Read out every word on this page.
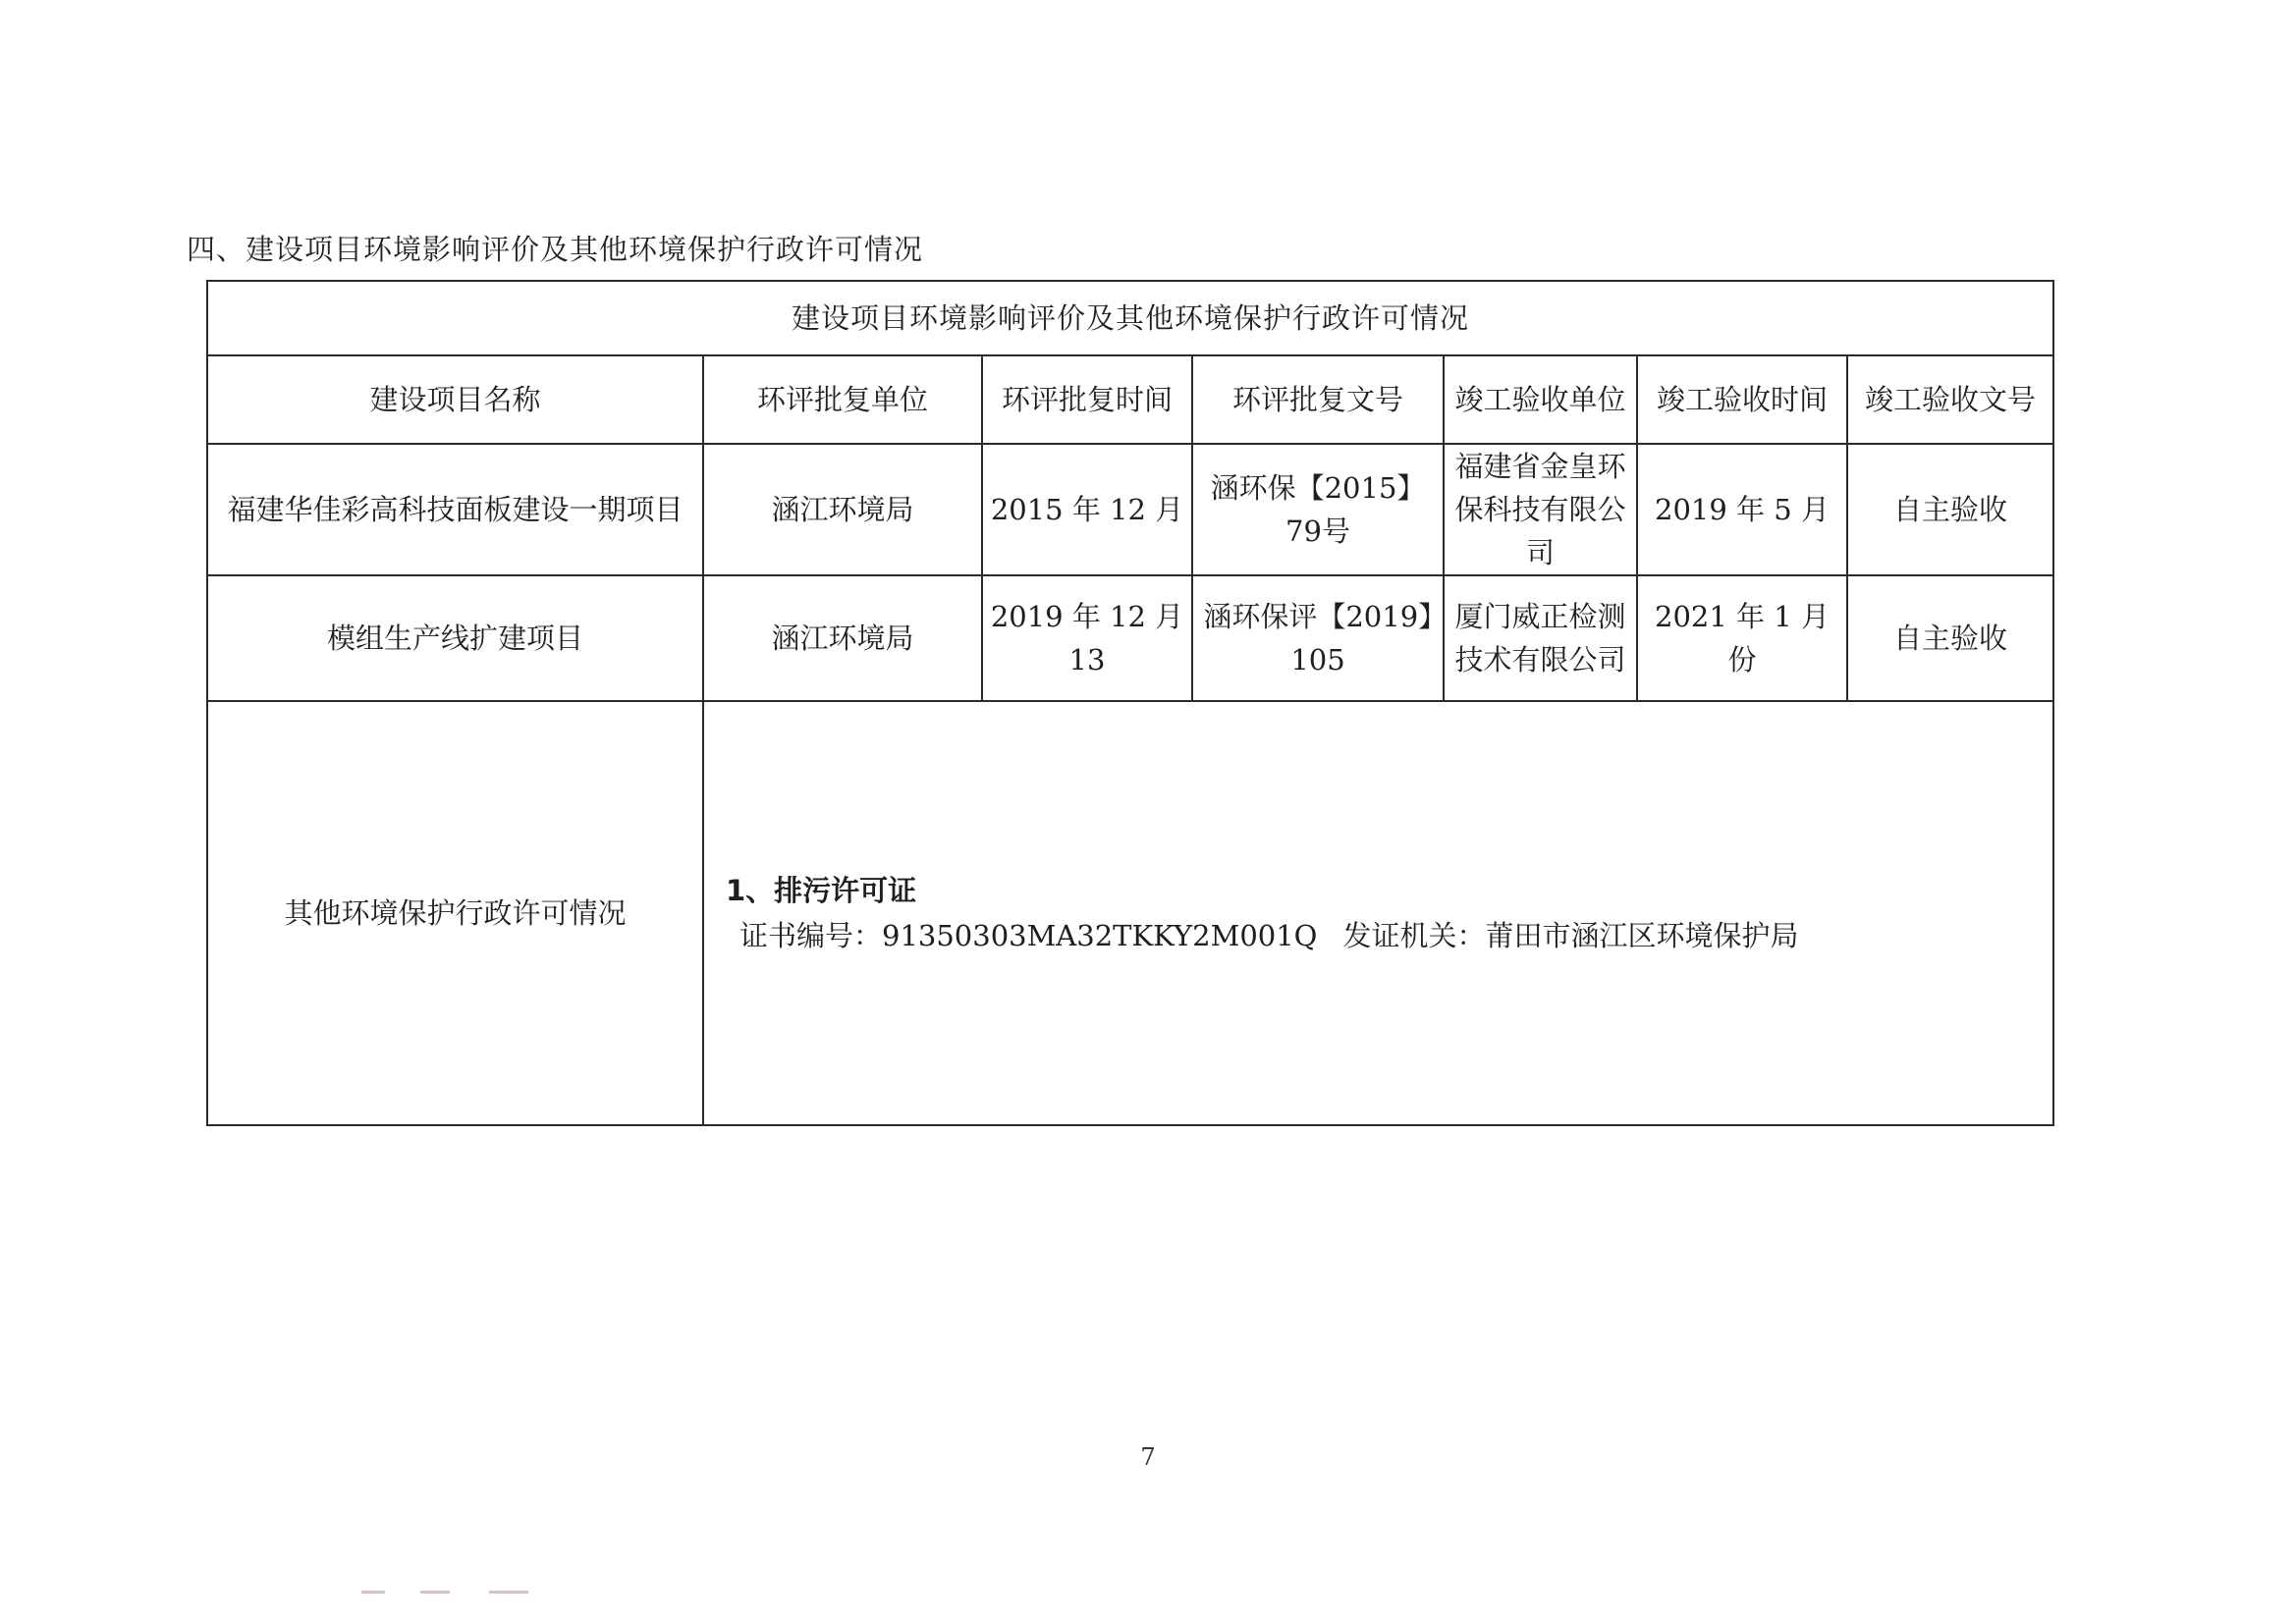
四、建设项目环境影响评价及其他环境保护行政许可情况
建设项目环境影响评价及其他环境保护行政许可情况						
建设项目名称	环评批复单位	环评批复时间	环评批复文号	竣工验收单位	竣工验收时间	竣工验收文号
福建华佳彩高科技面板建设一期项目	涵江环境局	2015 年 12 月	涵环保【2015】79号	福建省金皇环保科技有限公司	2019 年 5 月	自主验收
模组生产线扩建项目	涵江环境局	2019 年 12 月13	涵环保评【2019】105	厦门威正检测技术有限公司	2021 年 1 月份	自主验收
其他环境保护行政许可情况	1、排污许可证
证书编号：91350303MA32TKKY2M001Q 发证机关：莆田市涵江区环境保护局					
7
